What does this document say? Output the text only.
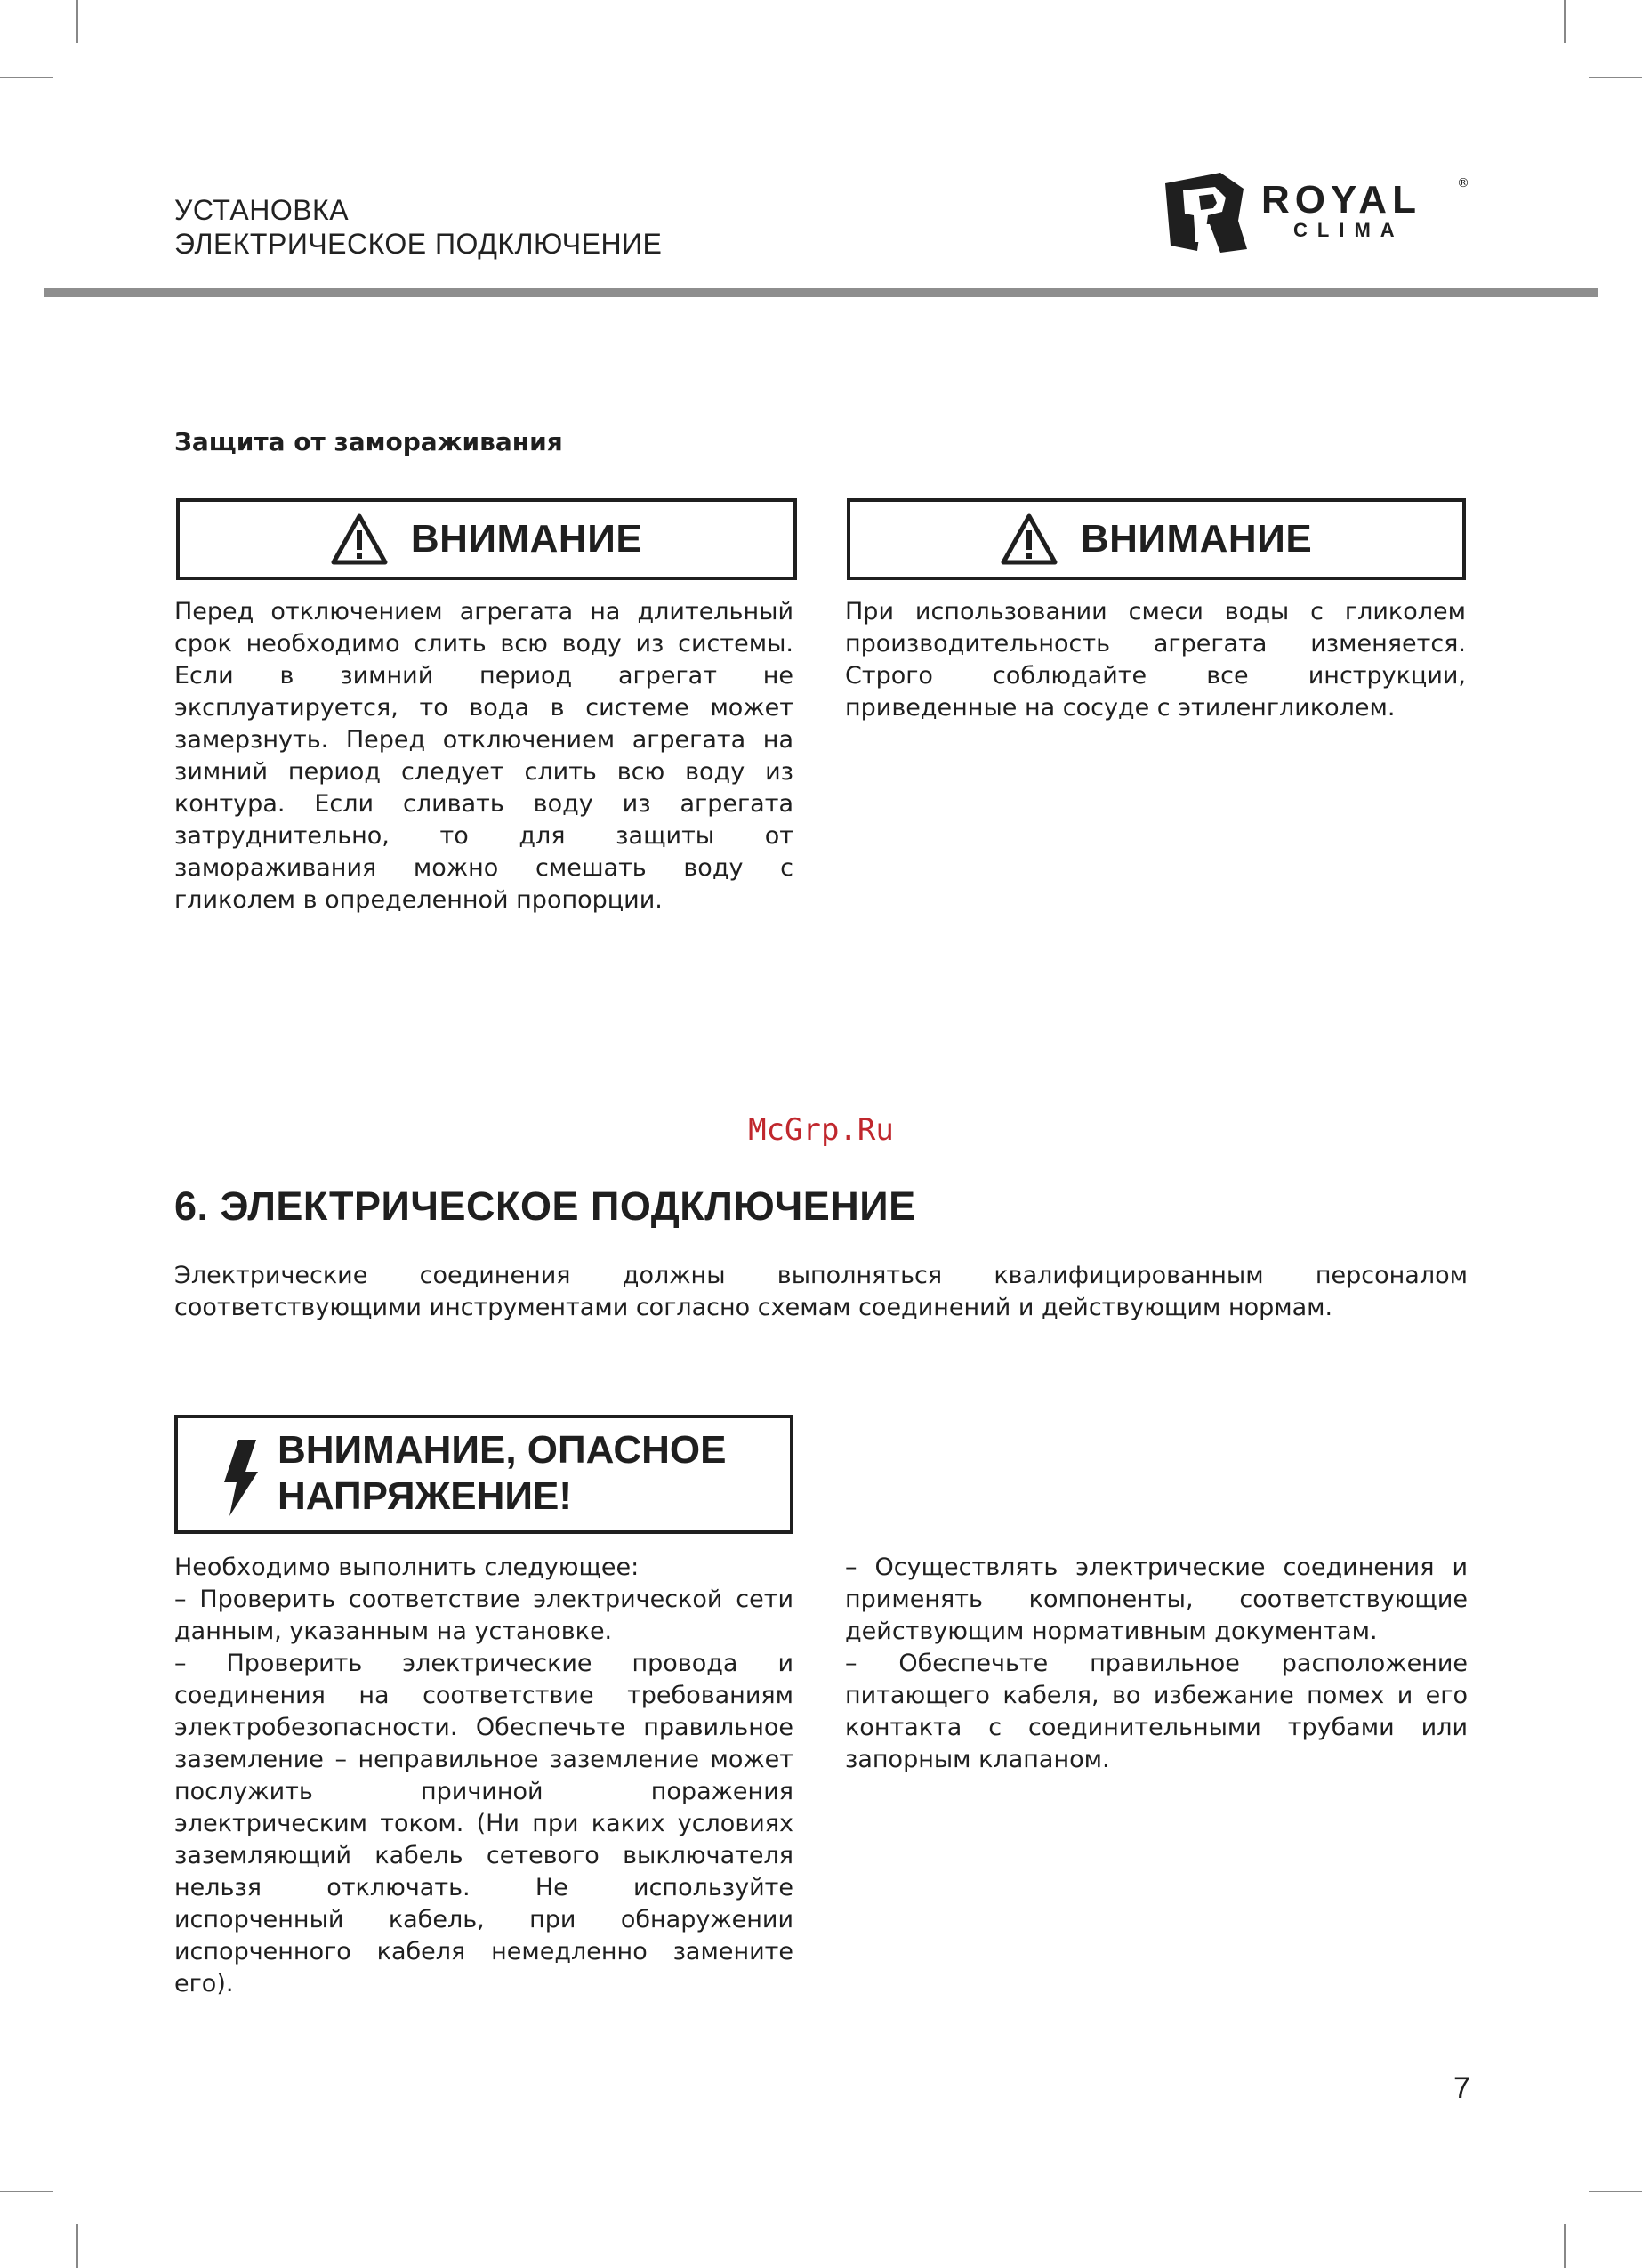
УСТАНОВКА
ЭЛЕКТРИЧЕСКОЕ ПОДКЛЮЧЕНИЕ
ROYAL	®
CLIMA
Защита от замораживания
ВНИМАНИЕ	ВНИМАНИЕ

Перед отключением агрегата на длительный срок необходимо слить всю воду из системы. Если в зимний период агрегат не эксплуатируется, то вода в системе может замерзнуть. Перед отключением агрегата на зимний период следует слить всю воду из контура. Если сливать воду из агрегата затруднительно, то для защиты от замораживания можно смешать воду с гликолем в определенной пропорции.

При использовании смеси воды с гликолем производительность агрегата изменяется. Строго соблюдайте все инструкции, приведенные на сосуде с этиленгликолем.

McGrp.Ru
6. ЭЛЕКТРИЧЕСКОЕ ПОДКЛЮЧЕНИЕ

Электрические соединения должны выполняться квалифицированным персоналом соответствующими инструментами согласно схемам соединений и действующим нормам.

ВНИМАНИЕ, ОПАСНОЕ
НАПРЯЖЕНИЕ!

Необходимо выполнить следующее:

– Проверить соответствие электрической сети данным, указанным на установке.

– Проверить электрические провода и соединения на соответствие требованиям электробезопасности. Обеспечьте правильное заземление – неправильное заземление может послужить причиной поражения электрическим током. (Ни при каких условиях заземляющий кабель сетевого выключателя нельзя отключать. Не используйте испорченный кабель, при обнаружении испорченного кабеля немедленно замените его).

– Осуществлять электрические соединения и применять компоненты, соответствующие действующим нормативным документам.

– Обеспечьте правильное расположение питающего кабеля, во избежание помех и его контакта с соединительными трубами или запорным клапаном.

7
